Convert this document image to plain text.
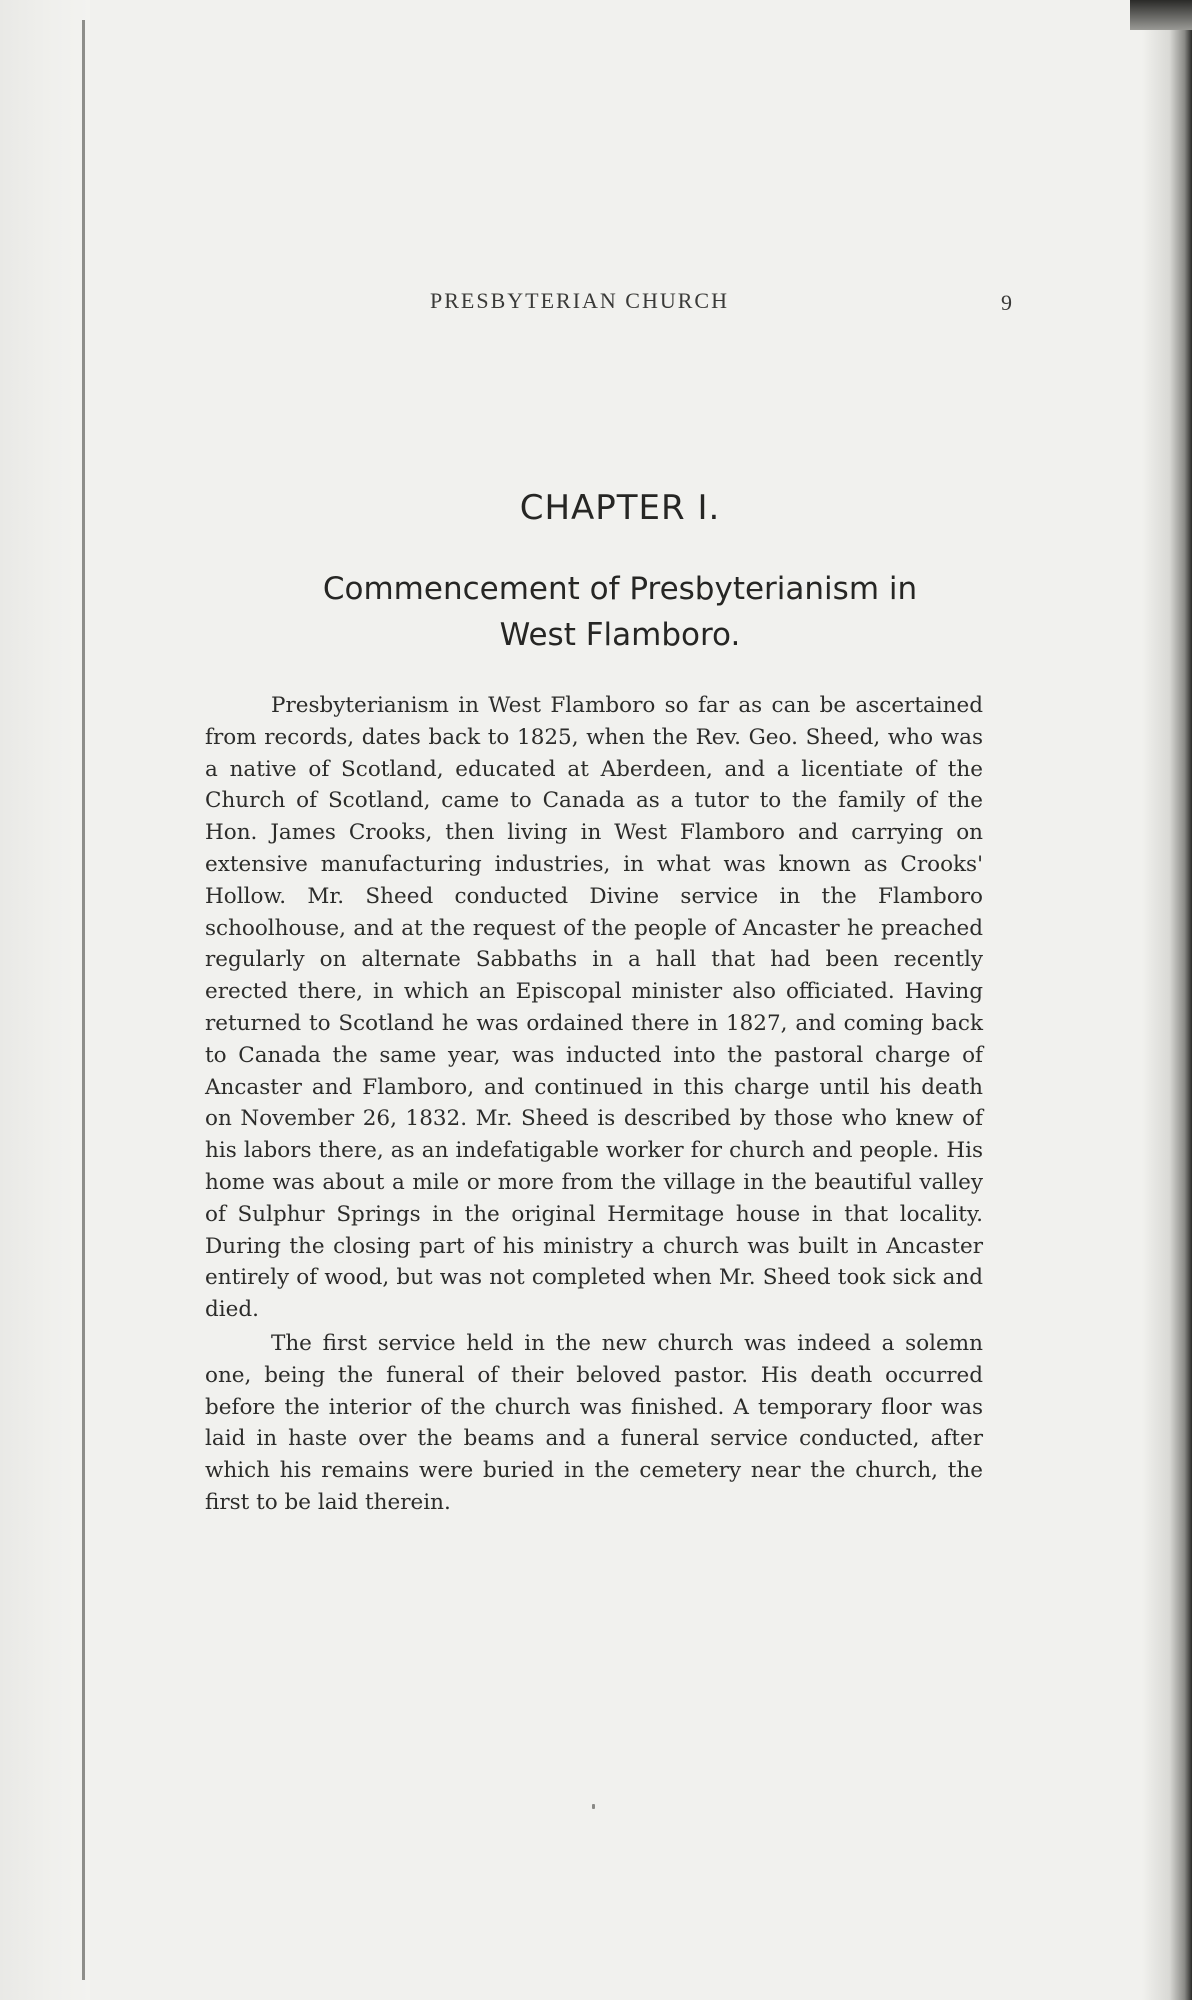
PRESBYTERIAN CHURCH	9
CHAPTER I.
Commencement of Presbyterianism in
West Flamboro.

Presbyterianism in West Flamboro so far as can be ascertained from records, dates back to 1825, when the Rev. Geo. Sheed, who was a native of Scotland, educated at Aberdeen, and a licentiate of the Church of Scotland, came to Canada as a tutor to the family of the Hon. James Crooks, then living in West Flamboro and carrying on extensive manufacturing industries, in what was known as Crooks' Hollow. Mr. Sheed conducted Divine service in the Flamboro schoolhouse, and at the request of the people of Ancaster he preached regularly on alternate Sabbaths in a hall that had been recently erected there, in which an Episcopal minister also officiated. Having returned to Scotland he was ordained there in 1827, and coming back to Canada the same year, was inducted into the pastoral charge of Ancaster and Flamboro, and continued in this charge until his death on November 26, 1832. Mr. Sheed is described by those who knew of his labors there, as an indefatigable worker for church and people. His home was about a mile or more from the village in the beautiful valley of Sulphur Springs in the original Hermitage house in that locality. During the closing part of his ministry a church was built in Ancaster entirely of wood, but was not completed when Mr. Sheed took sick and died.

The first service held in the new church was indeed a solemn one, being the funeral of their beloved pastor. His death occurred before the interior of the church was finished. A temporary floor was laid in haste over the beams and a funeral service conducted, after which his remains were buried in the cemetery near the church, the first to be laid therein.
